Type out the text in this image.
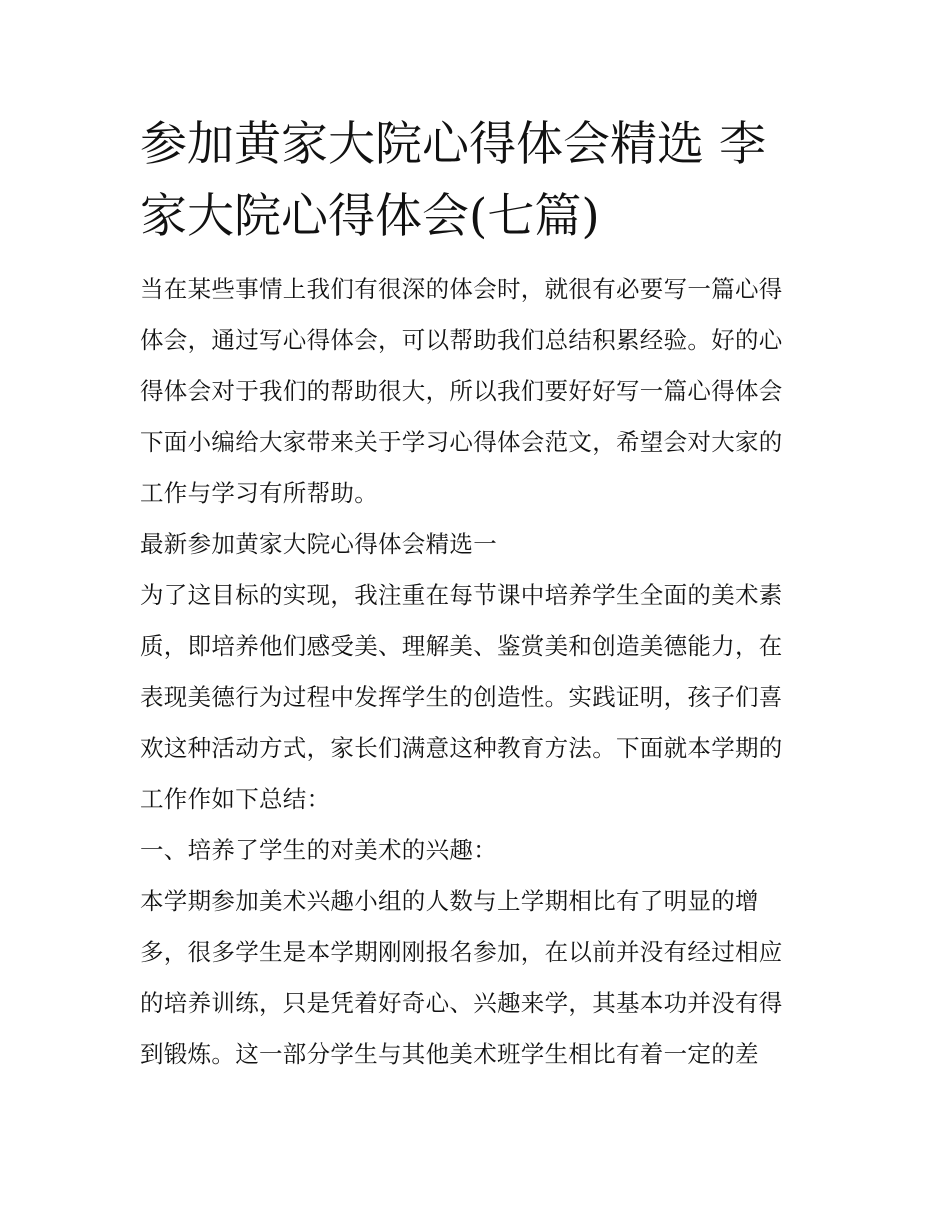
参加黄家大院心得体会精选 李
家大院心得体会(七篇)
当在某些事情上我们有很深的体会时，就很有必要写一篇心得
体会，通过写心得体会，可以帮助我们总结积累经验。好的心
得体会对于我们的帮助很大，所以我们要好好写一篇心得体会
下面小编给大家带来关于学习心得体会范文，希望会对大家的
工作与学习有所帮助。
最新参加黄家大院心得体会精选一
为了这目标的实现，我注重在每节课中培养学生全面的美术素
质，即培养他们感受美、理解美、鉴赏美和创造美德能力，在
表现美德行为过程中发挥学生的创造性。实践证明，孩子们喜
欢这种活动方式，家长们满意这种教育方法。下面就本学期的
工作作如下总结：
一、培养了学生的对美术的兴趣：
本学期参加美术兴趣小组的人数与上学期相比有了明显的增
多，很多学生是本学期刚刚报名参加，在以前并没有经过相应
的培养训练，只是凭着好奇心、兴趣来学，其基本功并没有得
到锻炼。这一部分学生与其他美术班学生相比有着一定的差
